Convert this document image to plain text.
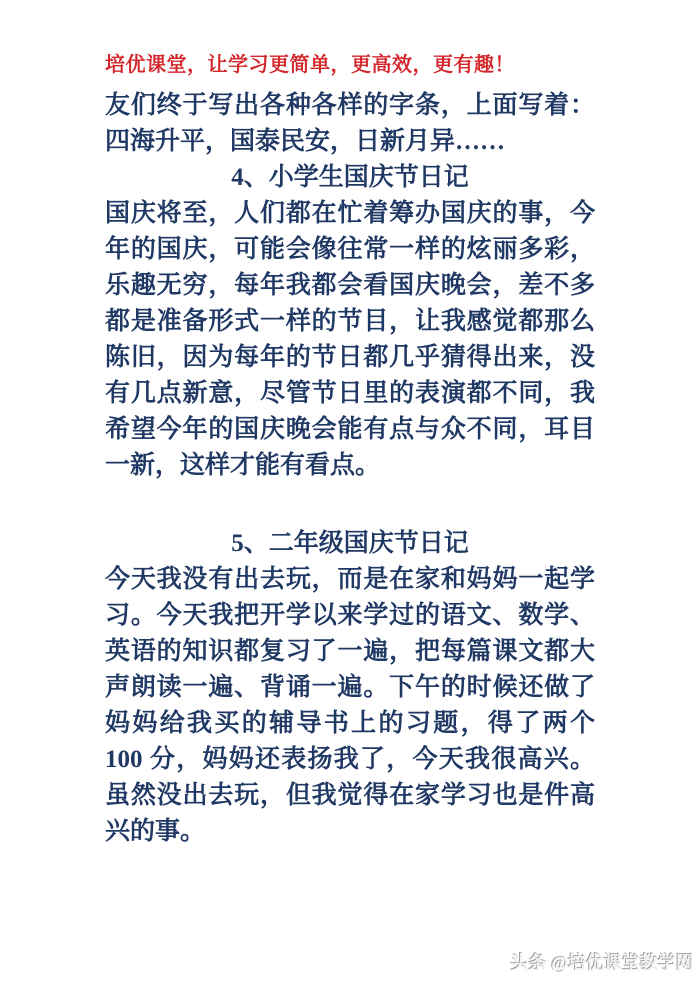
培优课堂，让学习更简单，更高效，更有趣！
友们终于写出各种各样的字条，上面写着：
四海升平，国泰民安，日新月异……
4、小学生国庆节日记
国庆将至，人们都在忙着筹办国庆的事，今
年的国庆，可能会像往常一样的炫丽多彩，
乐趣无穷，每年我都会看国庆晚会，差不多
都是准备形式一样的节目，让我感觉都那么
陈旧，因为每年的节日都几乎猜得出来，没
有几点新意，尽管节日里的表演都不同，我
希望今年的国庆晚会能有点与众不同，耳目
一新，这样才能有看点。
5、二年级国庆节日记
今天我没有出去玩，而是在家和妈妈一起学
习。今天我把开学以来学过的语文、数学、
英语的知识都复习了一遍，把每篇课文都大
声朗读一遍、背诵一遍。下午的时候还做了
妈妈给我买的辅导书上的习题，得了两个
100 分，妈妈还表扬我了，今天我很高兴。
虽然没出去玩，但我觉得在家学习也是件高
兴的事。
头条 @培优课堂教学网
